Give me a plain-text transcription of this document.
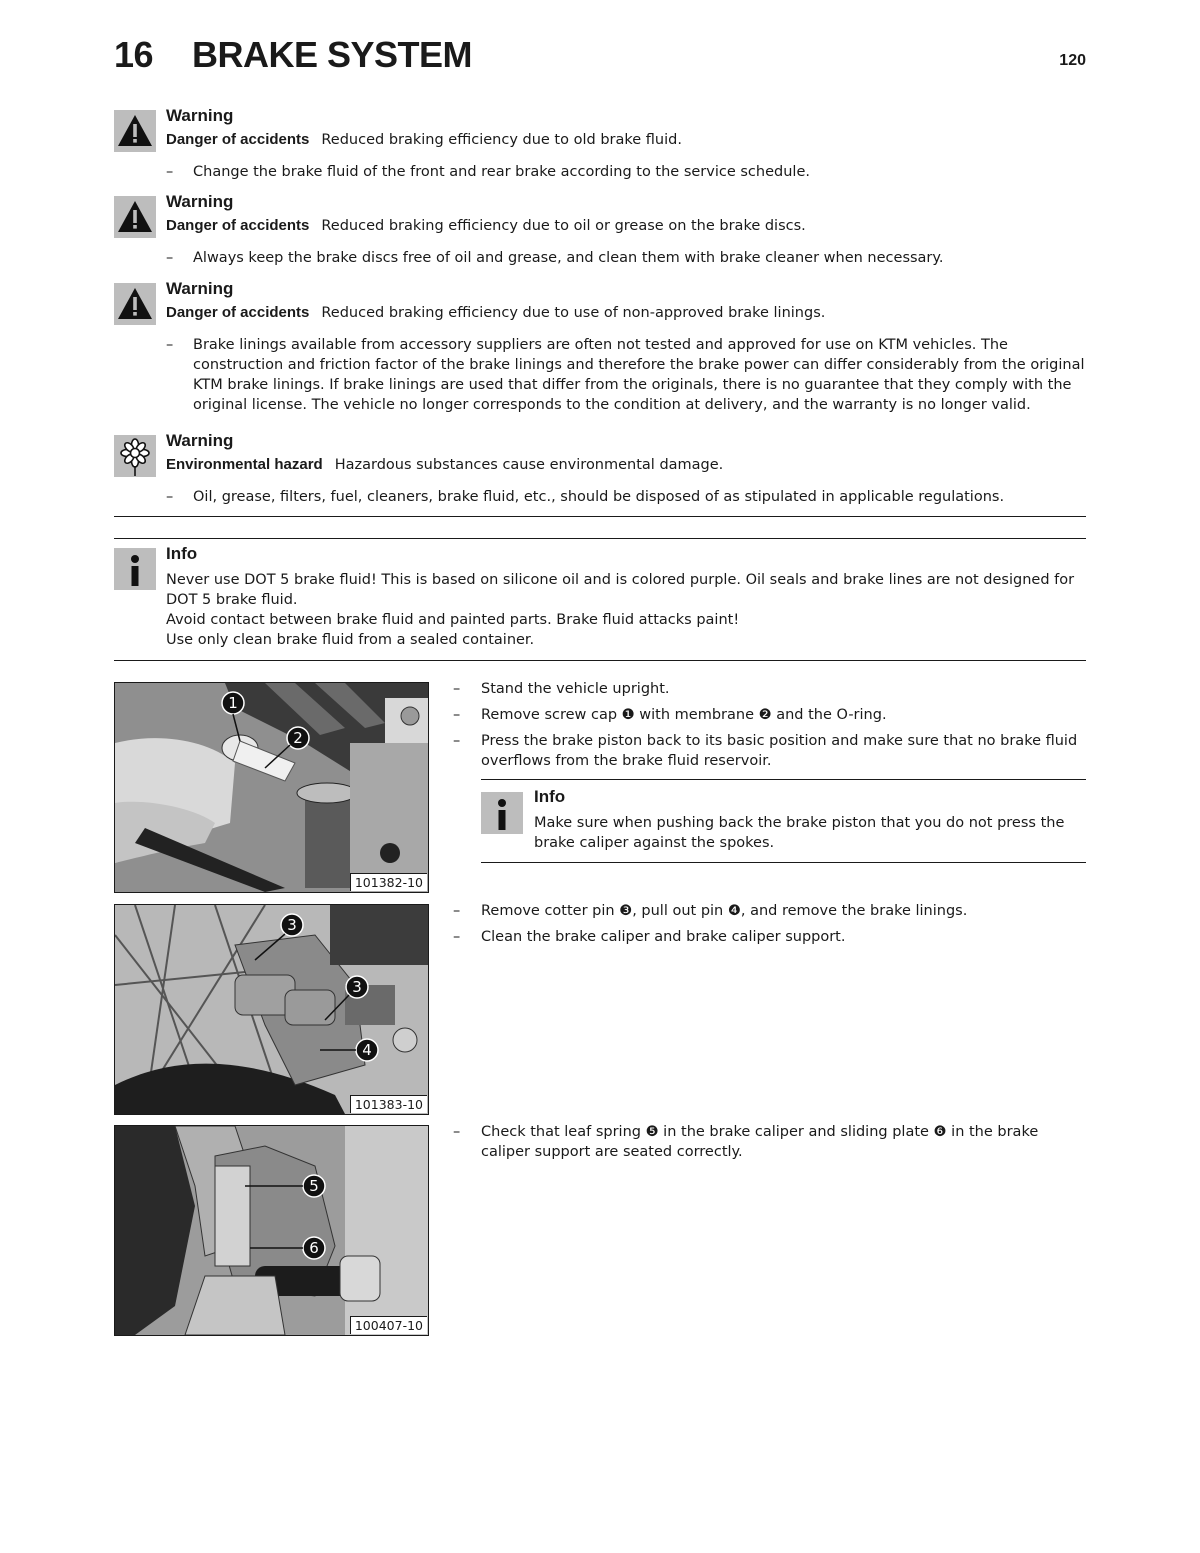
16 BRAKE SYSTEM	120
Warning
Danger of accidents Reduced braking efficiency due to old brake fluid.
– Change the brake fluid of the front and rear brake according to the service schedule.
Warning
Danger of accidents Reduced braking efficiency due to oil or grease on the brake discs.
– Always keep the brake discs free of oil and grease, and clean them with brake cleaner when necessary.
Warning
Danger of accidents Reduced braking efficiency due to use of non-approved brake linings.
– Brake linings available from accessory suppliers are often not tested and approved for use on KTM vehicles. The construction and friction factor of the brake linings and therefore the brake power can differ considerably from the original KTM brake linings. If brake linings are used that differ from the originals, there is no guarantee that they comply with the original license. The vehicle no longer corresponds to the condition at delivery, and the warranty is no longer valid.
Warning
Environmental hazard Hazardous substances cause environmental damage.
– Oil, grease, filters, fuel, cleaners, brake fluid, etc., should be disposed of as stipulated in applicable regulations.
Info
Never use DOT 5 brake fluid! This is based on silicone oil and is colored purple. Oil seals and brake lines are not designed for DOT 5 brake fluid.
Avoid contact between brake fluid and painted parts. Brake fluid attacks paint!
Use only clean brake fluid from a sealed container.
1
2
101382-10
3
3
4
101383-10
5
6
100407-10
– Stand the vehicle upright.
– Remove screw cap ❶ with membrane ❷ and the O-ring.
– Press the brake piston back to its basic position and make sure that no brake fluid overflows from the brake fluid reservoir.
Info
Make sure when pushing back the brake piston that you do not press the brake caliper against the spokes.
– Remove cotter pin ❸, pull out pin ❹, and remove the brake linings.
– Clean the brake caliper and brake caliper support.
– Check that leaf spring ❺ in the brake caliper and sliding plate ❻ in the brake caliper support are seated correctly.
